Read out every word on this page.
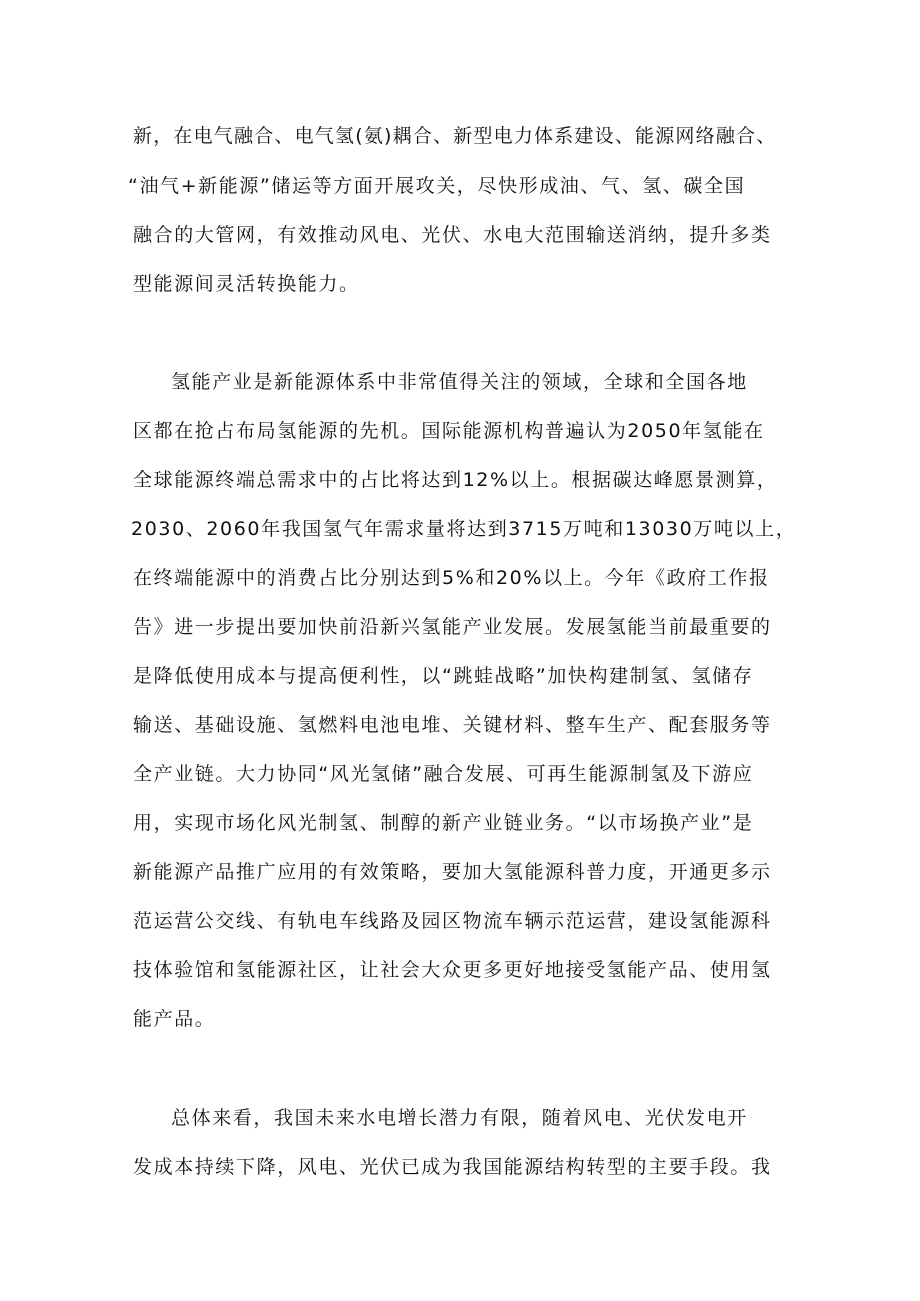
新，在电气融合、电气氢(氨)耦合、新型电力体系建设、能源网络融合、
“油气+新能源”储运等方面开展攻关，尽快形成油、气、氢、碳全国
融合的大管网，有效推动风电、光伏、水电大范围输送消纳，提升多类
型能源间灵活转换能力。
氢能产业是新能源体系中非常值得关注的领域，全球和全国各地
区都在抢占布局氢能源的先机。国际能源机构普遍认为2050年氢能在
全球能源终端总需求中的占比将达到12%以上。根据碳达峰愿景测算，
2030、2060年我国氢气年需求量将达到3715万吨和13030万吨以上，
在终端能源中的消费占比分别达到5%和20%以上。今年《政府工作报
告》进一步提出要加快前沿新兴氢能产业发展。发展氢能当前最重要的
是降低使用成本与提高便利性，以“跳蛙战略”加快构建制氢、氢储存
输送、基础设施、氢燃料电池电堆、关键材料、整车生产、配套服务等
全产业链。大力协同“风光氢储”融合发展、可再生能源制氢及下游应
用，实现市场化风光制氢、制醇的新产业链业务。“以市场换产业”是
新能源产品推广应用的有效策略，要加大氢能源科普力度，开通更多示
范运营公交线、有轨电车线路及园区物流车辆示范运营，建设氢能源科
技体验馆和氢能源社区，让社会大众更多更好地接受氢能产品、使用氢
能产品。
总体来看，我国未来水电增长潜力有限，随着风电、光伏发电开
发成本持续下降，风电、光伏已成为我国能源结构转型的主要手段。我
